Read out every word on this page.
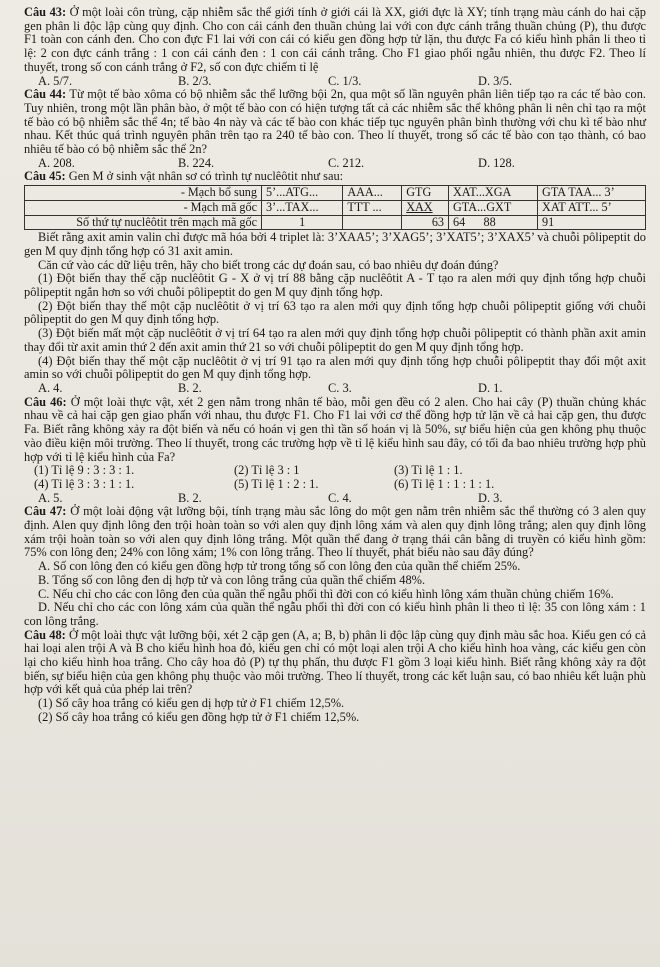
Câu 43: Ở một loài côn trùng, cặp nhiễm sắc thể giới tính ở giới cái là XX, giới đực là XY; tính trạng màu cánh do hai cặp gen phân li độc lập cùng quy định. Cho con cái cánh đen thuần chủng lai với con đực cánh trắng thuần chủng (P), thu được F1 toàn con cánh đen. Cho con đực F1 lai với con cái có kiểu gen đồng hợp tử lặn, thu được Fa có kiểu hình phân li theo tỉ lệ: 2 con đực cánh trắng : 1 con cái cánh đen : 1 con cái cánh trắng. Cho F1 giao phối ngẫu nhiên, thu được F2. Theo lí thuyết, trong số con cánh trắng ở F2, số con đực chiếm tỉ lệ

A. 5/7.	B. 2/3.	C. 1/3.	D. 3/5.

Câu 44: Từ một tế bào xôma có bộ nhiễm sắc thể lưỡng bội 2n, qua một số lần nguyên phân liên tiếp tạo ra các tế bào con. Tuy nhiên, trong một lần phân bào, ở một tế bào con có hiện tượng tất cả các nhiễm sắc thể không phân li nên chỉ tạo ra một tế bào có bộ nhiễm sắc thể 4n; tế bào 4n này và các tế bào con khác tiếp tục nguyên phân bình thường với chu kì tế bào như nhau. Kết thúc quá trình nguyên phân trên tạo ra 240 tế bào con. Theo lí thuyết, trong số các tế bào con tạo thành, có bao nhiêu tế bào có bộ nhiễm sắc thể 2n?

A. 208.	B. 224.	C. 212.	D. 128.

Câu 45: Gen M ở sinh vật nhân sơ có trình tự nuclêôtit như sau:

- Mạch bổ sung	5’...ATG...	AAA...	GTG	XAT...XGA	GTA TAA... 3’
- Mạch mã gốc	3’...TAX...	TTT ...	XAX	GTA...GXT	XAT ATT... 5’
Số thứ tự nuclêôtit trên mạch mã gốc	1		63	64      88	91

Biết rằng axit amin valin chỉ được mã hóa bởi 4 triplet là: 3’XAA5’; 3’XAG5’; 3’XAT5’; 3’XAX5’ và chuỗi pôlipeptit do gen M quy định tổng hợp có 31 axit amin.

Căn cứ vào các dữ liệu trên, hãy cho biết trong các dự đoán sau, có bao nhiêu dự đoán đúng?

(1) Đột biến thay thế cặp nuclêôtit G - X ở vị trí 88 bằng cặp nuclêôtit A - T tạo ra alen mới quy định tổng hợp chuỗi pôlipeptit ngắn hơn so với chuỗi pôlipeptit do gen M quy định tổng hợp.

(2) Đột biến thay thế một cặp nuclêôtit ở vị trí 63 tạo ra alen mới quy định tổng hợp chuỗi pôlipeptit giống với chuỗi pôlipeptit do gen M quy định tổng hợp.

(3) Đột biến mất một cặp nuclêôtit ở vị trí 64 tạo ra alen mới quy định tổng hợp chuỗi pôlipeptit có thành phần axit amin thay đổi từ axit amin thứ 2 đến axit amin thứ 21 so với chuỗi pôlipeptit do gen M quy định tổng hợp.

(4) Đột biến thay thế một cặp nuclêôtit ở vị trí 91 tạo ra alen mới quy định tổng hợp chuỗi pôlipeptit thay đổi một axit amin so với chuỗi pôlipeptit do gen M quy định tổng hợp.

A. 4.	B. 2.	C. 3.	D. 1.

Câu 46: Ở một loài thực vật, xét 2 gen nằm trong nhân tế bào, mỗi gen đều có 2 alen. Cho hai cây (P) thuần chủng khác nhau về cả hai cặp gen giao phấn với nhau, thu được F1. Cho F1 lai với cơ thể đồng hợp tử lặn về cả hai cặp gen, thu được Fa. Biết rằng không xảy ra đột biến và nếu có hoán vị gen thì tần số hoán vị là 50%, sự biểu hiện của gen không phụ thuộc vào điều kiện môi trường. Theo lí thuyết, trong các trường hợp về tỉ lệ kiểu hình sau đây, có tối đa bao nhiêu trường hợp phù hợp với tỉ lệ kiểu hình của Fa?

(1) Tỉ lệ 9 : 3 : 3 : 1.	(2) Tỉ lệ 3 : 1	(3) Tỉ lệ 1 : 1.
(4) Tỉ lệ 3 : 3 : 1 : 1.	(5) Tỉ lệ 1 : 2 : 1.	(6) Tỉ lệ 1 : 1 : 1 : 1.
A. 5.	B. 2.	C. 4.	D. 3.

Câu 47: Ở một loài động vật lưỡng bội, tính trạng màu sắc lông do một gen nằm trên nhiễm sắc thể thường có 3 alen quy định. Alen quy định lông đen trội hoàn toàn so với alen quy định lông xám và alen quy định lông trắng; alen quy định lông xám trội hoàn toàn so với alen quy định lông trắng. Một quần thể đang ở trạng thái cân bằng di truyền có kiểu hình gồm: 75% con lông đen; 24% con lông xám; 1% con lông trắng. Theo lí thuyết, phát biểu nào sau đây đúng?

A. Số con lông đen có kiểu gen đồng hợp tử trong tổng số con lông đen của quần thể chiếm 25%.

B. Tổng số con lông đen dị hợp tử và con lông trắng của quần thể chiếm 48%.

C. Nếu chỉ cho các con lông đen của quần thể ngẫu phối thì đời con có kiểu hình lông xám thuần chủng chiếm 16%.

D. Nếu chỉ cho các con lông xám của quần thể ngẫu phối thì đời con có kiểu hình phân li theo tỉ lệ: 35 con lông xám : 1 con lông trắng.

Câu 48: Ở một loài thực vật lưỡng bội, xét 2 cặp gen (A, a; B, b) phân li độc lập cùng quy định màu sắc hoa. Kiểu gen có cả hai loại alen trội A và B cho kiểu hình hoa đỏ, kiểu gen chỉ có một loại alen trội A cho kiểu hình hoa vàng, các kiểu gen còn lại cho kiểu hình hoa trắng. Cho cây hoa đỏ (P) tự thụ phấn, thu được F1 gồm 3 loại kiểu hình. Biết rằng không xảy ra đột biến, sự biểu hiện của gen không phụ thuộc vào môi trường. Theo lí thuyết, trong các kết luận sau, có bao nhiêu kết luận phù hợp với kết quả của phép lai trên?

(1) Số cây hoa trắng có kiểu gen dị hợp tử ở F1 chiếm 12,5%.

(2) Số cây hoa trắng có kiểu gen đồng hợp tử ở F1 chiếm 12,5%.
